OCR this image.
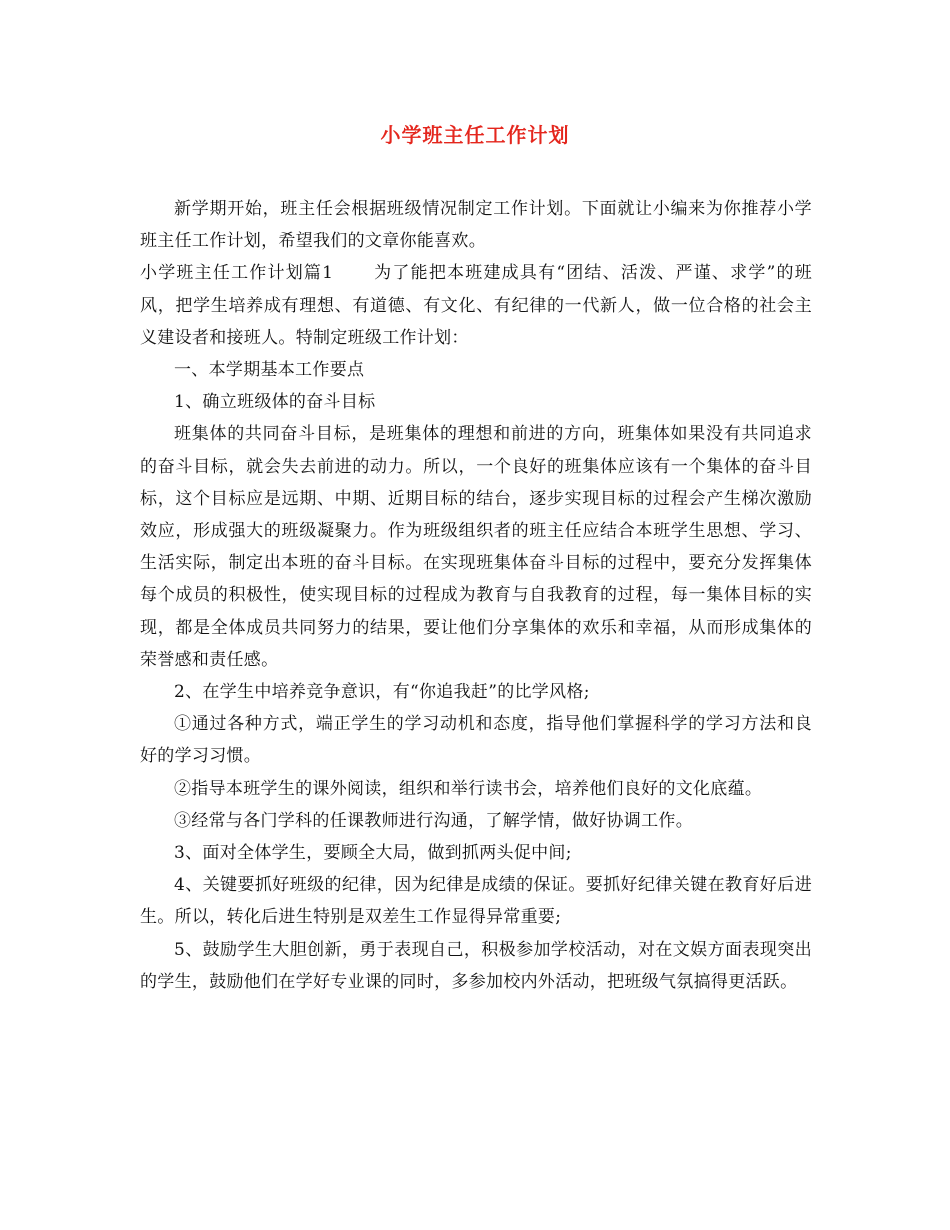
小学班主任工作计划

新学期开始，班主任会根据班级情况制定工作计划。下面就让小编来为你推荐小学班主任工作计划，希望我们的文章你能喜欢。

小学班主任工作计划篇1 为了能把本班建成具有“团结、活泼、严谨、求学”的班风，把学生培养成有理想、有道德、有文化、有纪律的一代新人，做一位合格的社会主义建设者和接班人。特制定班级工作计划：

一、本学期基本工作要点

1、确立班级体的奋斗目标

班集体的共同奋斗目标，是班集体的理想和前进的方向，班集体如果没有共同追求的奋斗目标，就会失去前进的动力。所以，一个良好的班集体应该有一个集体的奋斗目标，这个目标应是远期、中期、近期目标的结台，逐步实现目标的过程会产生梯次激励效应，形成强大的班级凝聚力。作为班级组织者的班主任应结合本班学生思想、学习、生活实际，制定出本班的奋斗目标。在实现班集体奋斗目标的过程中，要充分发挥集体每个成员的积极性，使实现目标的过程成为教育与自我教育的过程，每一集体目标的实现，都是全体成员共同努力的结果，要让他们分享集体的欢乐和幸福，从而形成集体的荣誉感和责任感。

2、在学生中培养竞争意识，有“你追我赶”的比学风格;

①通过各种方式，端正学生的学习动机和态度，指导他们掌握科学的学习方法和良好的学习习惯。

②指导本班学生的课外阅读，组织和举行读书会，培养他们良好的文化底蕴。

③经常与各门学科的任课教师进行沟通，了解学情，做好协调工作。

3、面对全体学生，要顾全大局，做到抓两头促中间;

4、关键要抓好班级的纪律，因为纪律是成绩的保证。要抓好纪律关键在教育好后进生。所以，转化后进生特别是双差生工作显得异常重要;

5、鼓励学生大胆创新，勇于表现自己，积极参加学校活动，对在文娱方面表现突出的学生，鼓励他们在学好专业课的同时，多参加校内外活动，把班级气氛搞得更活跃。
